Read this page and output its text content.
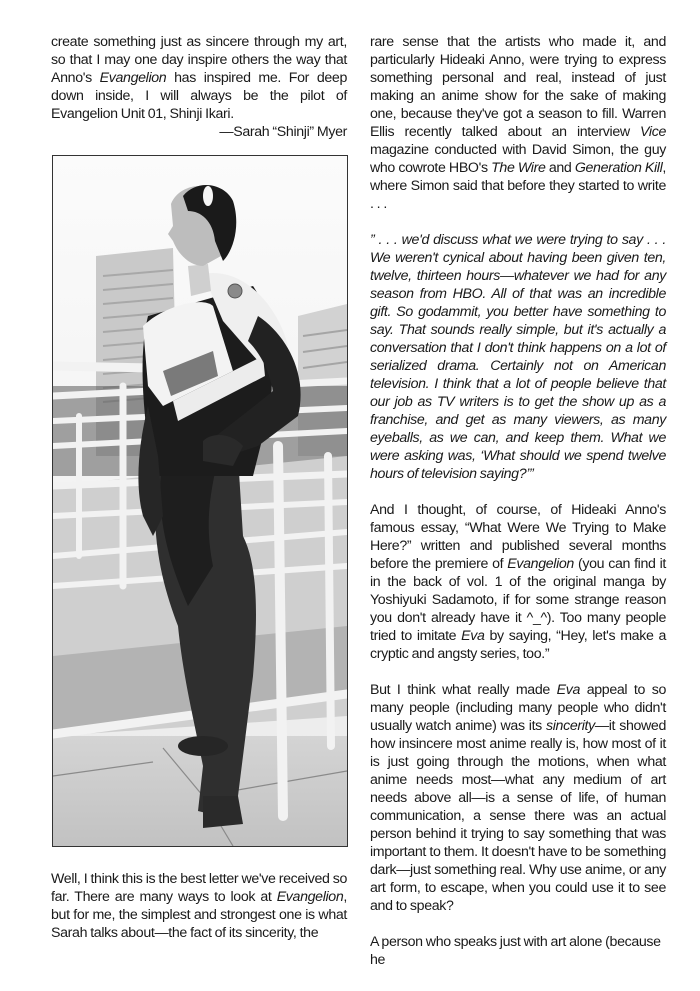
create something just as sincere through my art, so that I may one day inspire others the way that Anno's Evangelion has inspired me. For deep down inside, I will always be the pilot of Evangelion Unit 01, Shinji Ikari.

—Sarah “Shinji” Myer

Well, I think this is the best letter we've received so far. There are many ways to look at Evangelion, but for me, the simplest and strongest one is what Sarah talks about—the fact of its sincerity, the

rare sense that the artists who made it, and particularly Hideaki Anno, were trying to express something personal and real, instead of just making an anime show for the sake of making one, because they've got a season to fill. Warren Ellis recently talked about an interview Vice magazine conducted with David Simon, the guy who cowrote HBO's The Wire and Generation Kill, where Simon said that before they started to write . . .

” . . . we'd discuss what we were trying to say . . . We weren't cynical about having been given ten, twelve, thirteen hours—whatever we had for any season from HBO. All of that was an incredible gift. So godammit, you better have something to say. That sounds really simple, but it's actually a conversation that I don't think happens on a lot of serialized drama. Certainly not on American television. I think that a lot of people believe that our job as TV writers is to get the show up as a franchise, and get as many viewers, as many eyeballs, as we can, and keep them. What we were asking was, ‘What should we spend twelve hours of television saying?’”

And I thought, of course, of Hideaki Anno's famous essay, “What Were We Trying to Make Here?” written and published several months before the premiere of Evangelion (you can find it in the back of vol. 1 of the original manga by Yoshiyuki Sadamoto, if for some strange reason you don't already have it ^_^). Too many people tried to imitate Eva by saying, “Hey, let's make a cryptic and angsty series, too.”

But I think what really made Eva appeal to so many people (including many people who didn't usually watch anime) was its sincerity—it showed how insincere most anime really is, how most of it is just going through the motions, when what anime needs most—what any medium of art needs above all—is a sense of life, of human communication, a sense there was an actual person behind it trying to say something that was important to them. It doesn't have to be something dark—just something real. Why use anime, or any art form, to escape, when you could use it to see and to speak?

A person who speaks just with art alone (because he
